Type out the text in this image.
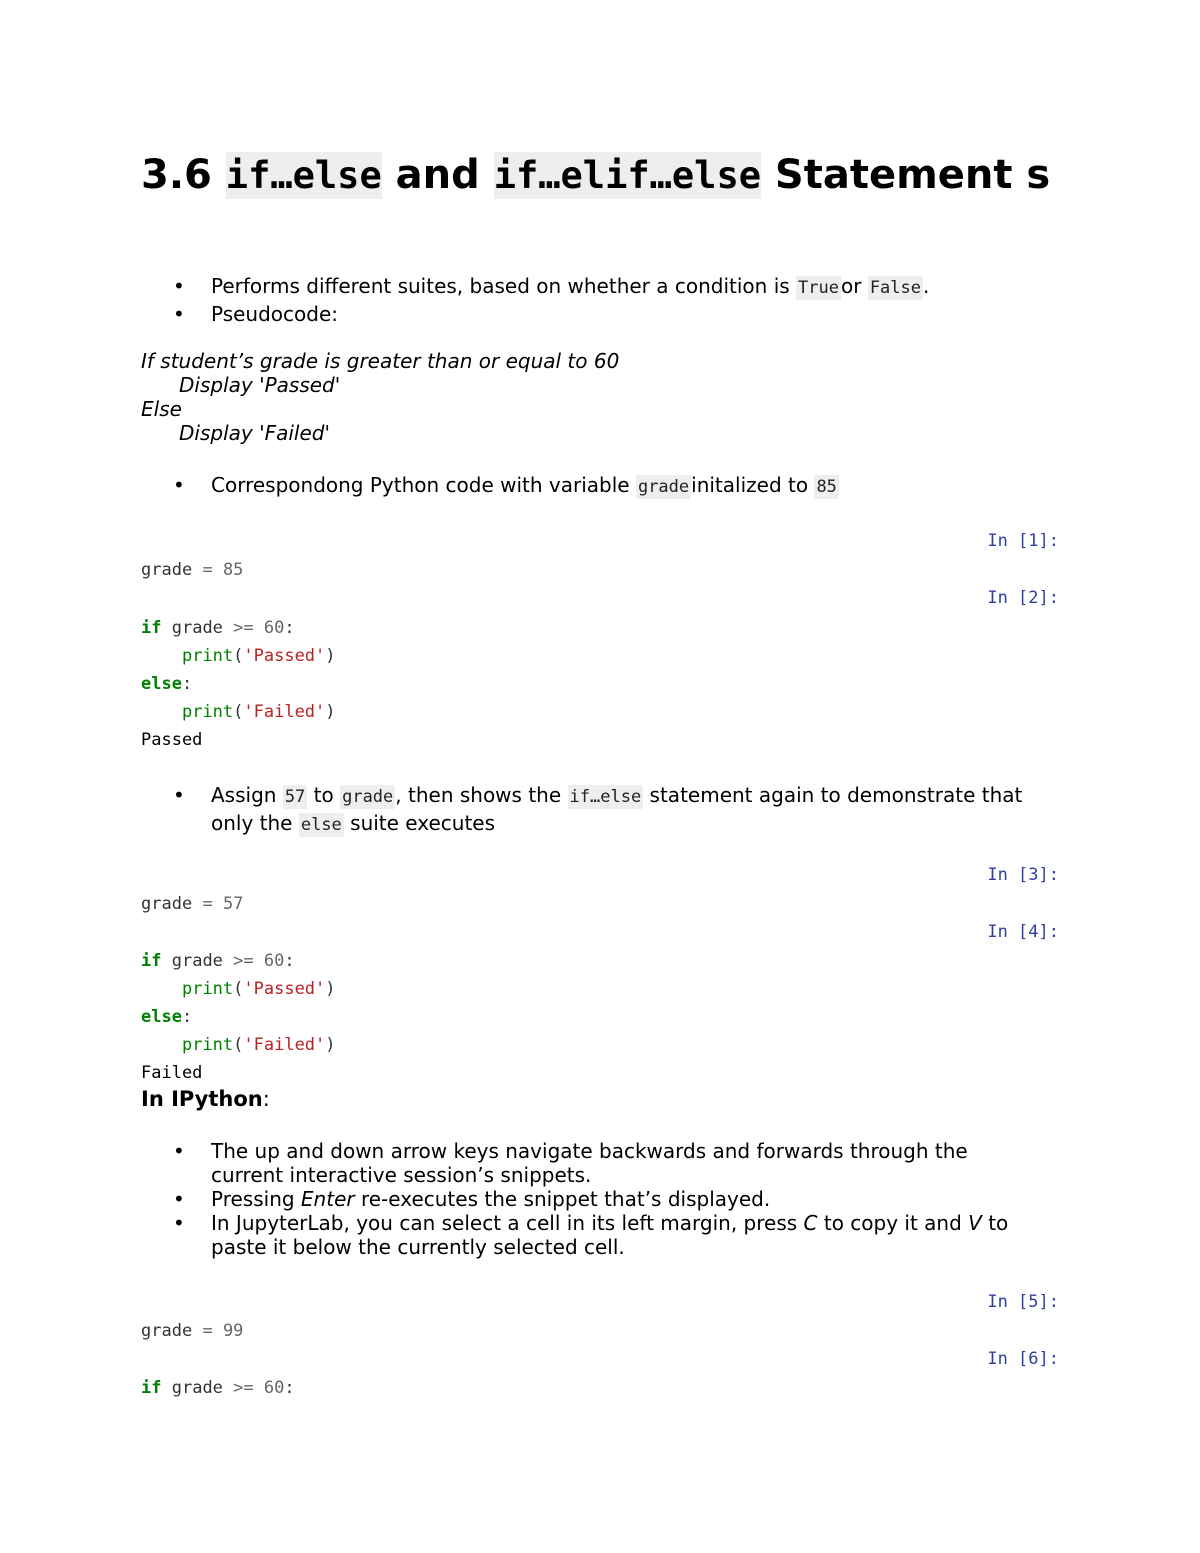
3.6 if…else and if…elif…else Statement s
• Performs different suites, based on whether a condition is True or False .
• Pseudocode:
If student’s grade is greater than or equal to 60
Display 'Passed'
Else
Display 'Failed'
• Correspondong Python code with variable grade initalized to 85
In [1]:
grade = 85
In [2]:
if grade >= 60:
print('Passed')
else:
print('Failed')
Passed
• Assign 57 to grade , then shows the if…else statement again to demonstrate that only the else suite executes
In [3]:
grade = 57
In [4]:
if grade >= 60:
print('Passed')
else:
print('Failed')
Failed
In IPython:
• The up and down arrow keys navigate backwards and forwards through the current interactive session’s snippets.
• Pressing Enter re-executes the snippet that’s displayed.
• In JupyterLab, you can select a cell in its left margin, press C to copy it and V to paste it below the currently selected cell.
In [5]:
grade = 99
In [6]:
if grade >= 60:
